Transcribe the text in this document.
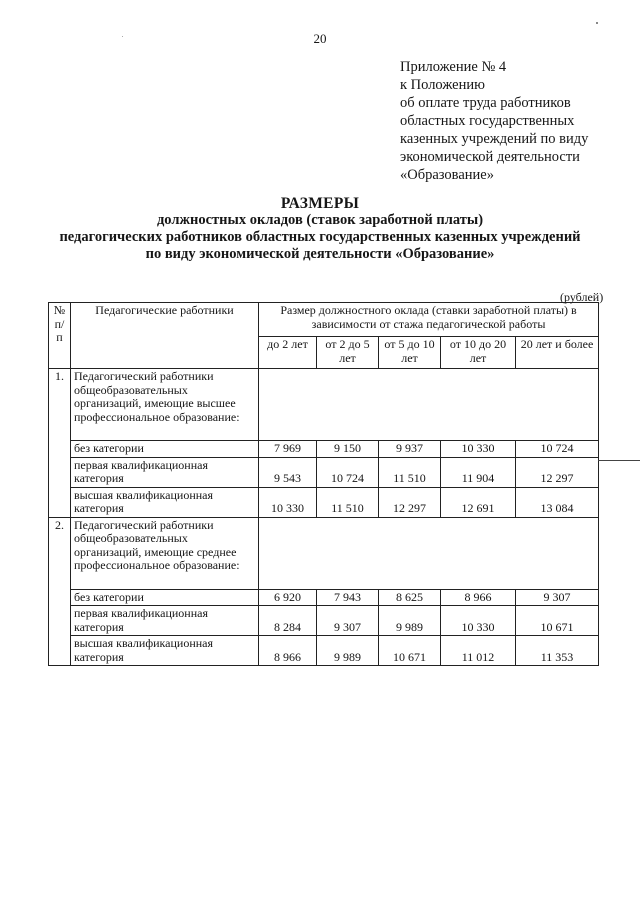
20
Приложение № 4
к Положению
об оплате труда работников
областных государственных
казенных учреждений по виду
экономической деятельности
«Образование»
РАЗМЕРЫ
должностных окладов (ставок заработной платы)
педагогических работников областных государственных казенных учреждений
по виду экономической деятельности «Образование»
(рублей)
№ п/п	Педагогические работники	Размер должностного оклада (ставки заработной платы) в зависимости от стажа педагогической работы				
		до 2 лет	от 2 до 5 лет	от 5 до 10 лет	от 10 до 20 лет	20 лет и более
1.	Педагогический работники общеобразовательных организаций, имеющие высшее профессиональное образование:					
	без категории	7 969	9 150	9 937	10 330	10 724
	первая квалификационная категория	9 543	10 724	11 510	11 904	12 297
	высшая квалификационная категория	10 330	11 510	12 297	12 691	13 084
2.	Педагогический работники общеобразовательных организаций, имеющие среднее профессиональное образование:					
	без категории	6 920	7 943	8 625	8 966	9 307
	первая квалификационная категория	8 284	9 307	9 989	10 330	10 671
	высшая квалификационная категория	8 966	9 989	10 671	11 012	11 353
